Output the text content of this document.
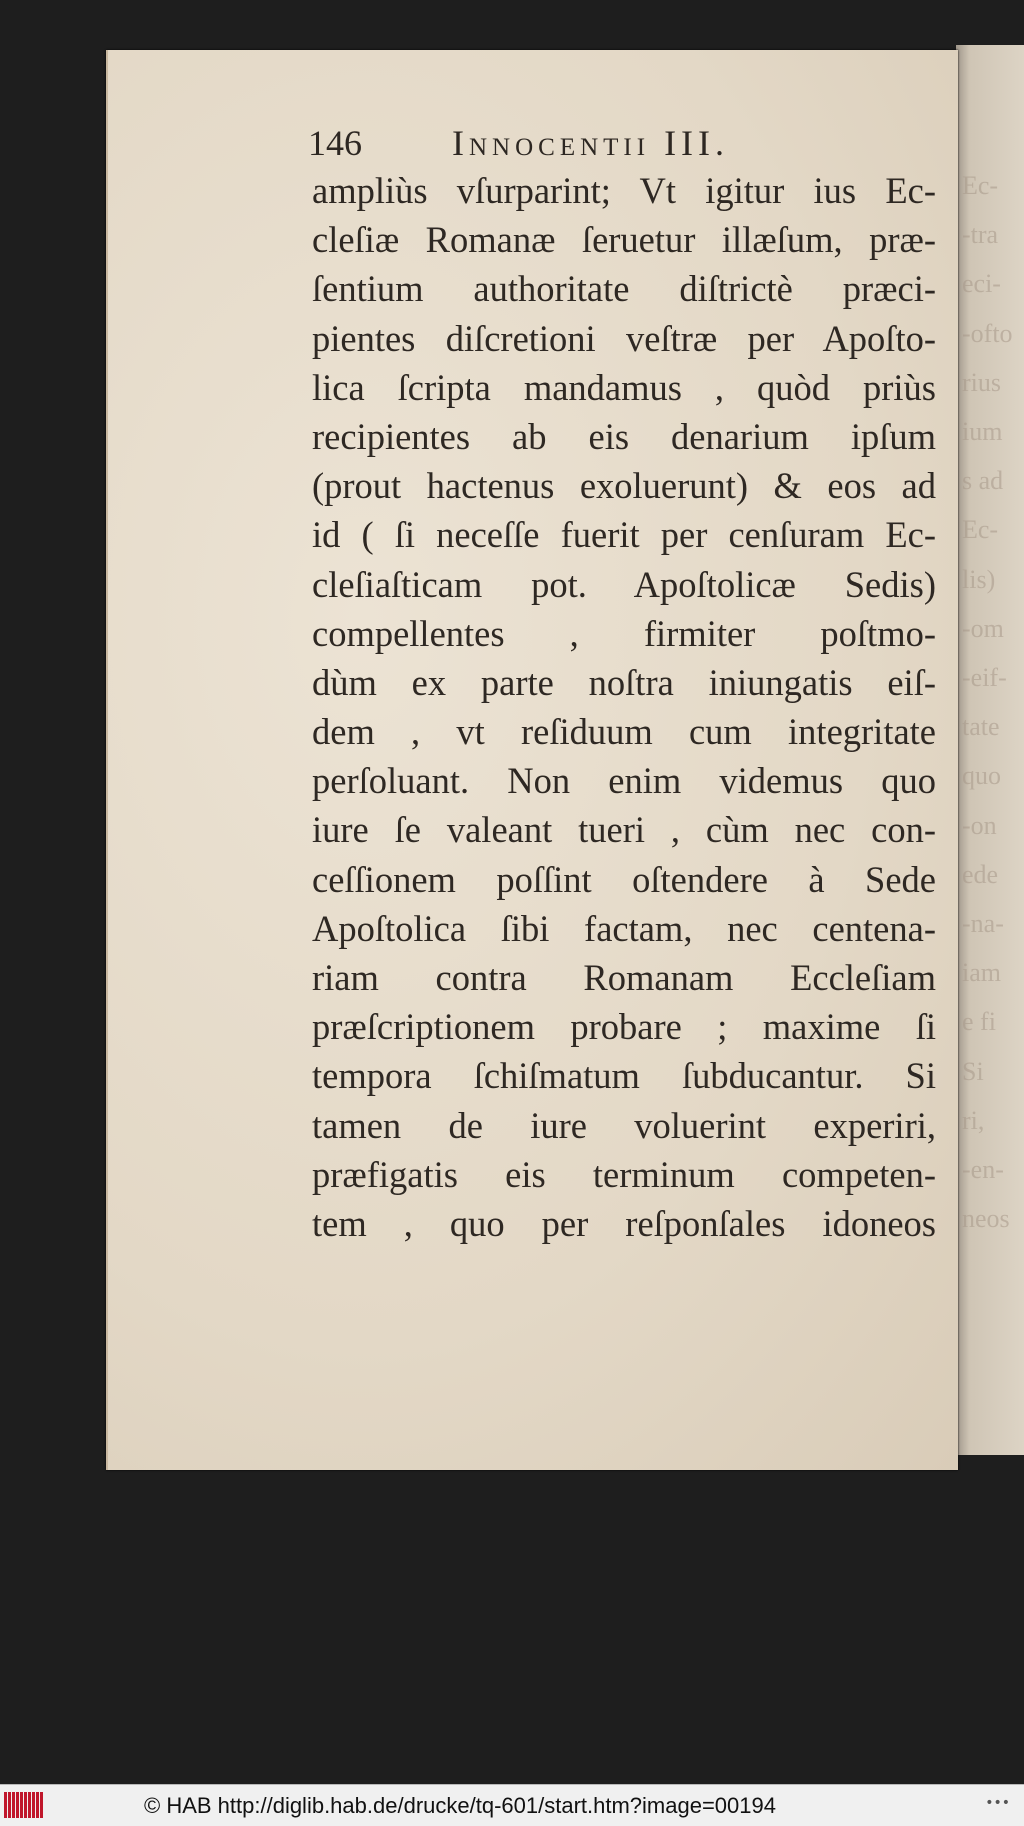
Ec-
-tra
eci-
-ofto
rius
ium
s ad
Ec-
lis)
-om
-eif-
tate
quo
-on
ede
-na-
iam
e fi
Si
ri,
-en-
neos
146	Innocentii III.
ampliùs vſurparint; Vt igitur ius Ec-
cleſiæ Romanæ ſeruetur illæſum, præ-
ſentium authoritate diſtrictè præci-
pientes diſcretioni veſtræ per Apoſto-
lica ſcripta mandamus , quòd priùs
recipientes ab eis denarium ipſum
(prout hactenus exoluerunt) & eos ad
id ( ſi neceſſe fuerit per cenſuram Ec-
cleſiaſticam pot. Apoſtolicæ Sedis)
compellentes , firmiter poſtmo-
dùm ex parte noſtra iniungatis eiſ-
dem , vt reſiduum cum integritate
perſoluant. Non enim videmus quo
iure ſe valeant tueri , cùm nec con-
ceſſionem poſſint oſtendere à Sede
Apoſtolica ſibi factam, nec centena-
riam contra Romanam Eccleſiam
præſcriptionem probare ; maxime ſi
tempora ſchiſmatum ſubducantur. Si
tamen de iure voluerint experiri,
præfigatis eis terminum competen-
tem , quo per reſponſales idoneos
© HAB http://diglib.hab.de/drucke/tq-601/start.htm?image=00194	•••
